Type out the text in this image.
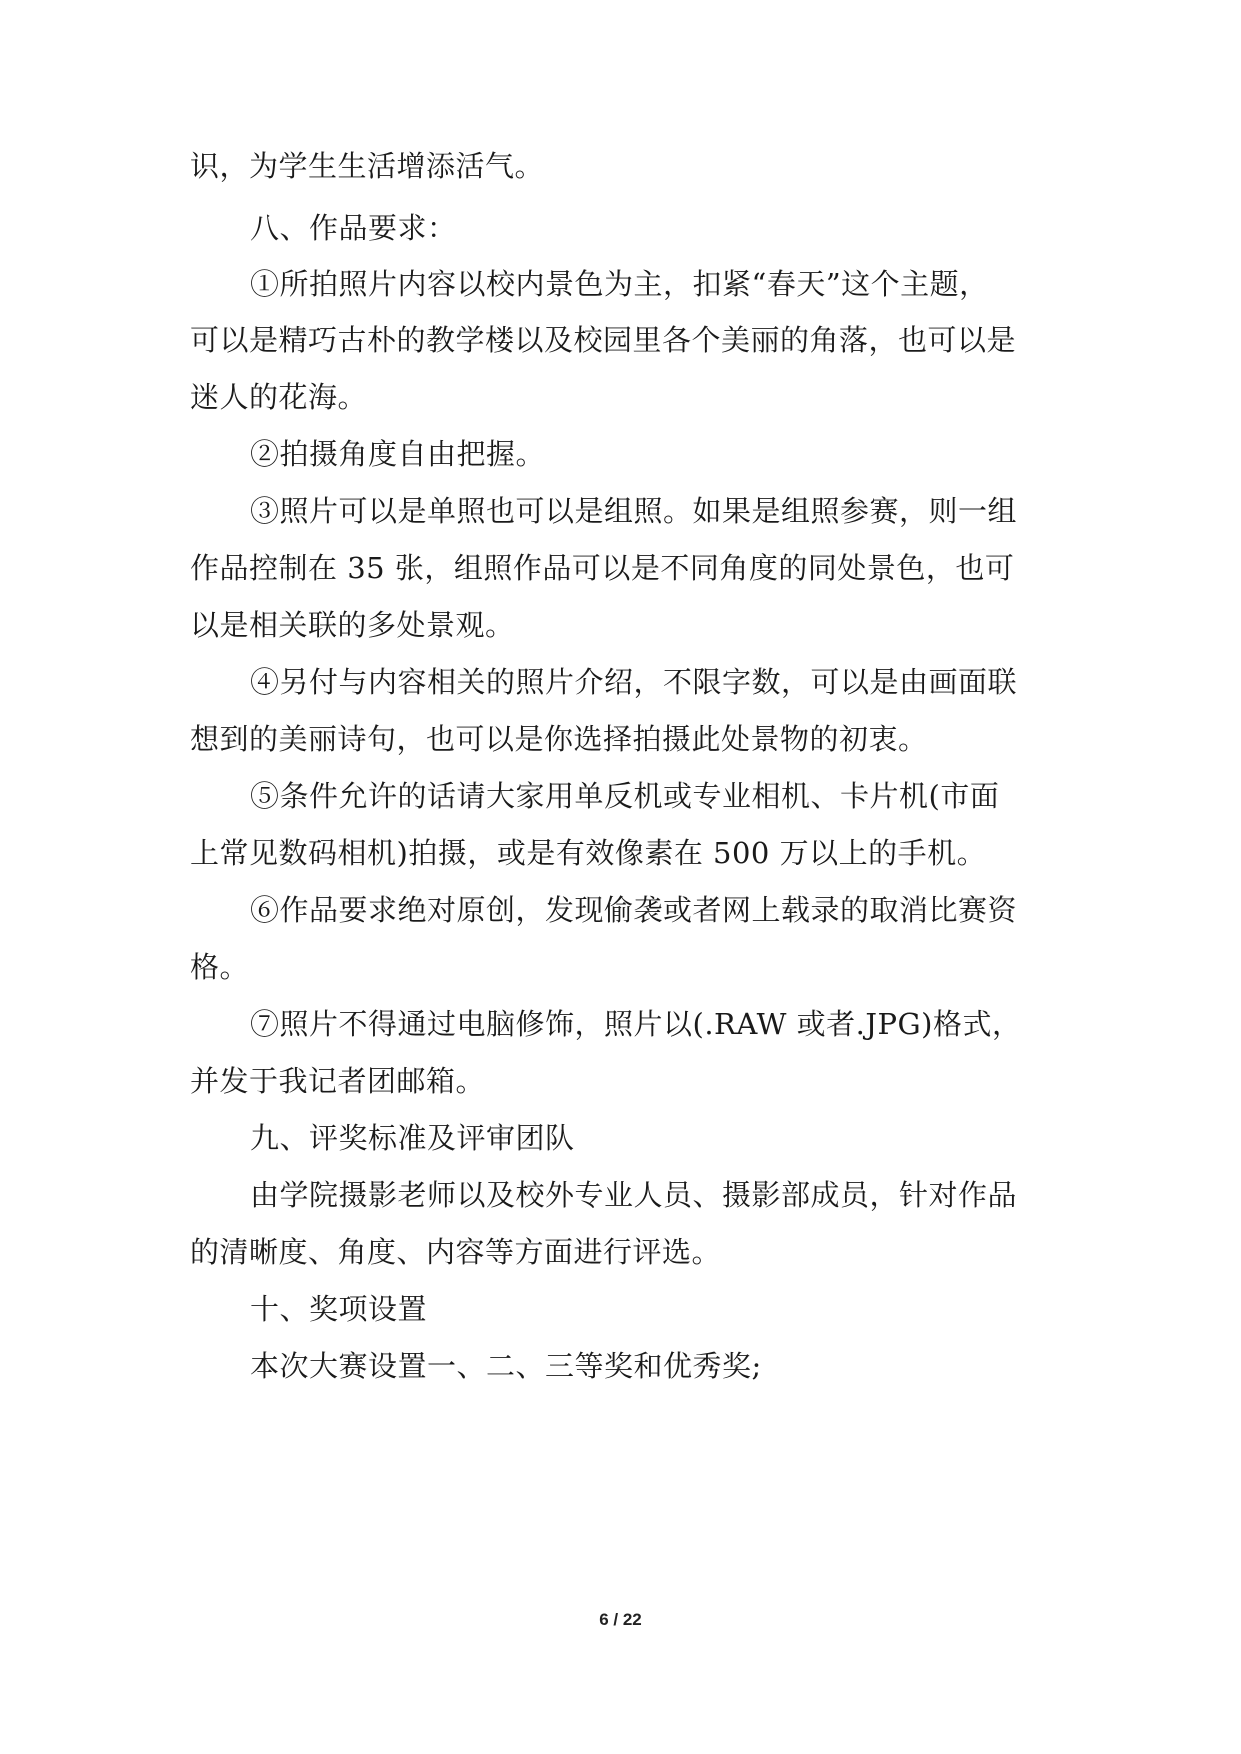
识，为学生生活增添活气。
八、作品要求：
①所拍照片内容以校内景色为主，扣紧“春天”这个主题，
可以是精巧古朴的教学楼以及校园里各个美丽的角落，也可以是
迷人的花海。
②拍摄角度自由把握。
③照片可以是单照也可以是组照。如果是组照参赛，则一组
作品控制在 35 张，组照作品可以是不同角度的同处景色，也可
以是相关联的多处景观。
④另付与内容相关的照片介绍，不限字数，可以是由画面联
想到的美丽诗句，也可以是你选择拍摄此处景物的初衷。
⑤条件允许的话请大家用单反机或专业相机、卡片机(市面
上常见数码相机)拍摄，或是有效像素在 500 万以上的手机。
⑥作品要求绝对原创，发现偷袭或者网上载录的取消比赛资
格。
⑦照片不得通过电脑修饰，照片以(.RAW 或者.JPG)格式，
并发于我记者团邮箱。
九、评奖标准及评审团队
由学院摄影老师以及校外专业人员、摄影部成员，针对作品
的清晰度、角度、内容等方面进行评选。
十、奖项设置
本次大赛设置一、二、三等奖和优秀奖;
6 / 22
